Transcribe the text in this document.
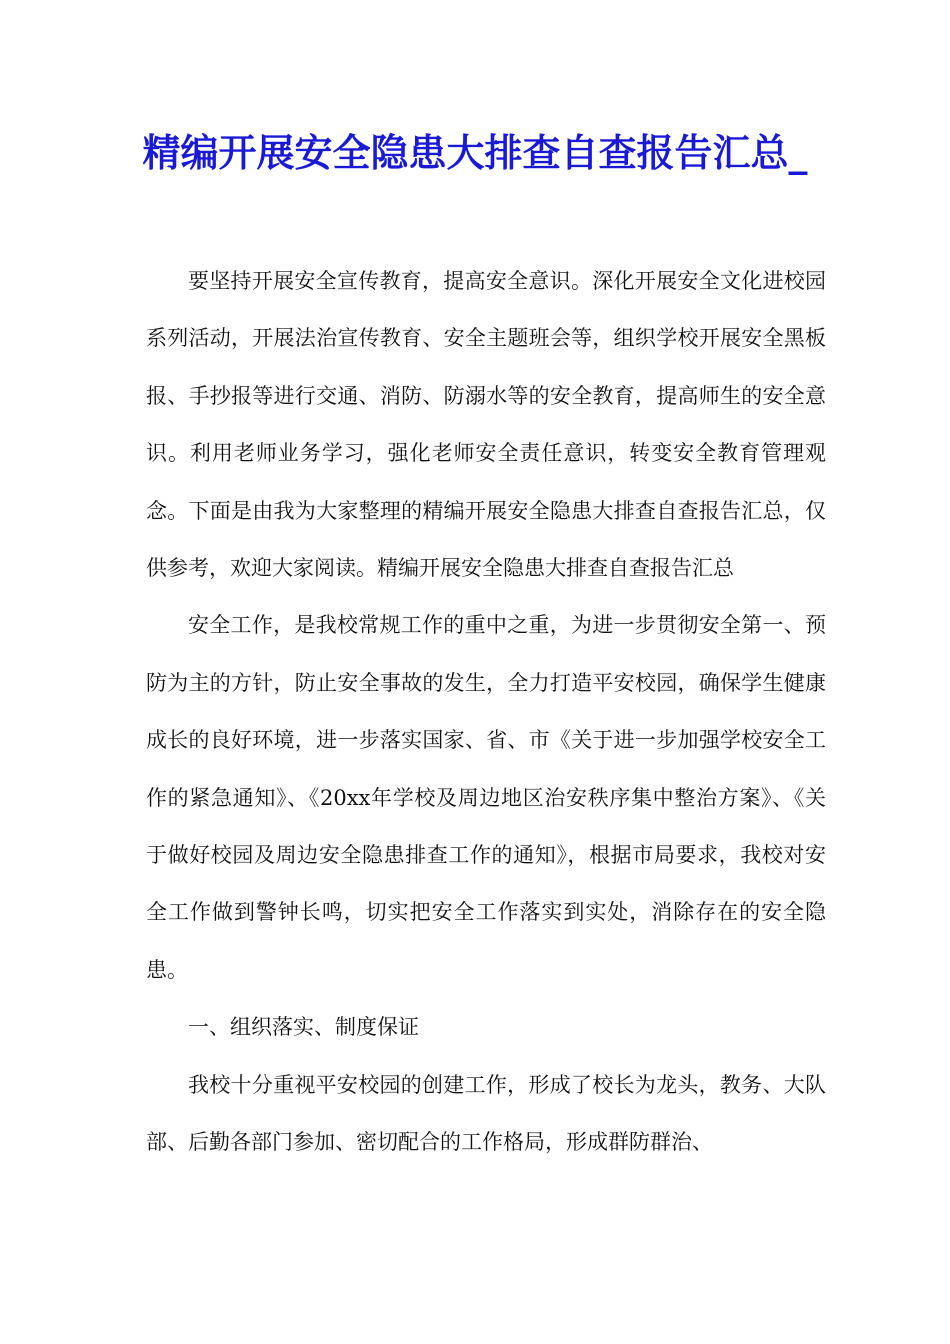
精编开展安全隐患大排查自查报告汇总_

要坚持开展安全宣传教育，提高安全意识。深化开展安全文化进校园系列活动，开展法治宣传教育、安全主题班会等，组织学校开展安全黑板报、手抄报等进行交通、消防、防溺水等的安全教育，提高师生的安全意识。利用老师业务学习，强化老师安全责任意识，转变安全教育管理观念。下面是由我为大家整理的精编开展安全隐患大排查自查报告汇总，仅供参考，欢迎大家阅读。精编开展安全隐患大排查自查报告汇总

安全工作，是我校常规工作的重中之重，为进一步贯彻安全第一、预防为主的方针，防止安全事故的发生，全力打造平安校园，确保学生健康成长的良好环境，进一步落实国家、省、市《关于进一步加强学校安全工作的紧急通知》、《20xx年学校及周边地区治安秩序集中整治方案》、《关于做好校园及周边安全隐患排查工作的通知》，根据市局要求，我校对安全工作做到警钟长鸣，切实把安全工作落实到实处，消除存在的安全隐患。

一、组织落实、制度保证

我校十分重视平安校园的创建工作，形成了校长为龙头，教务、大队部、后勤各部门参加、密切配合的工作格局，形成群防群治、
